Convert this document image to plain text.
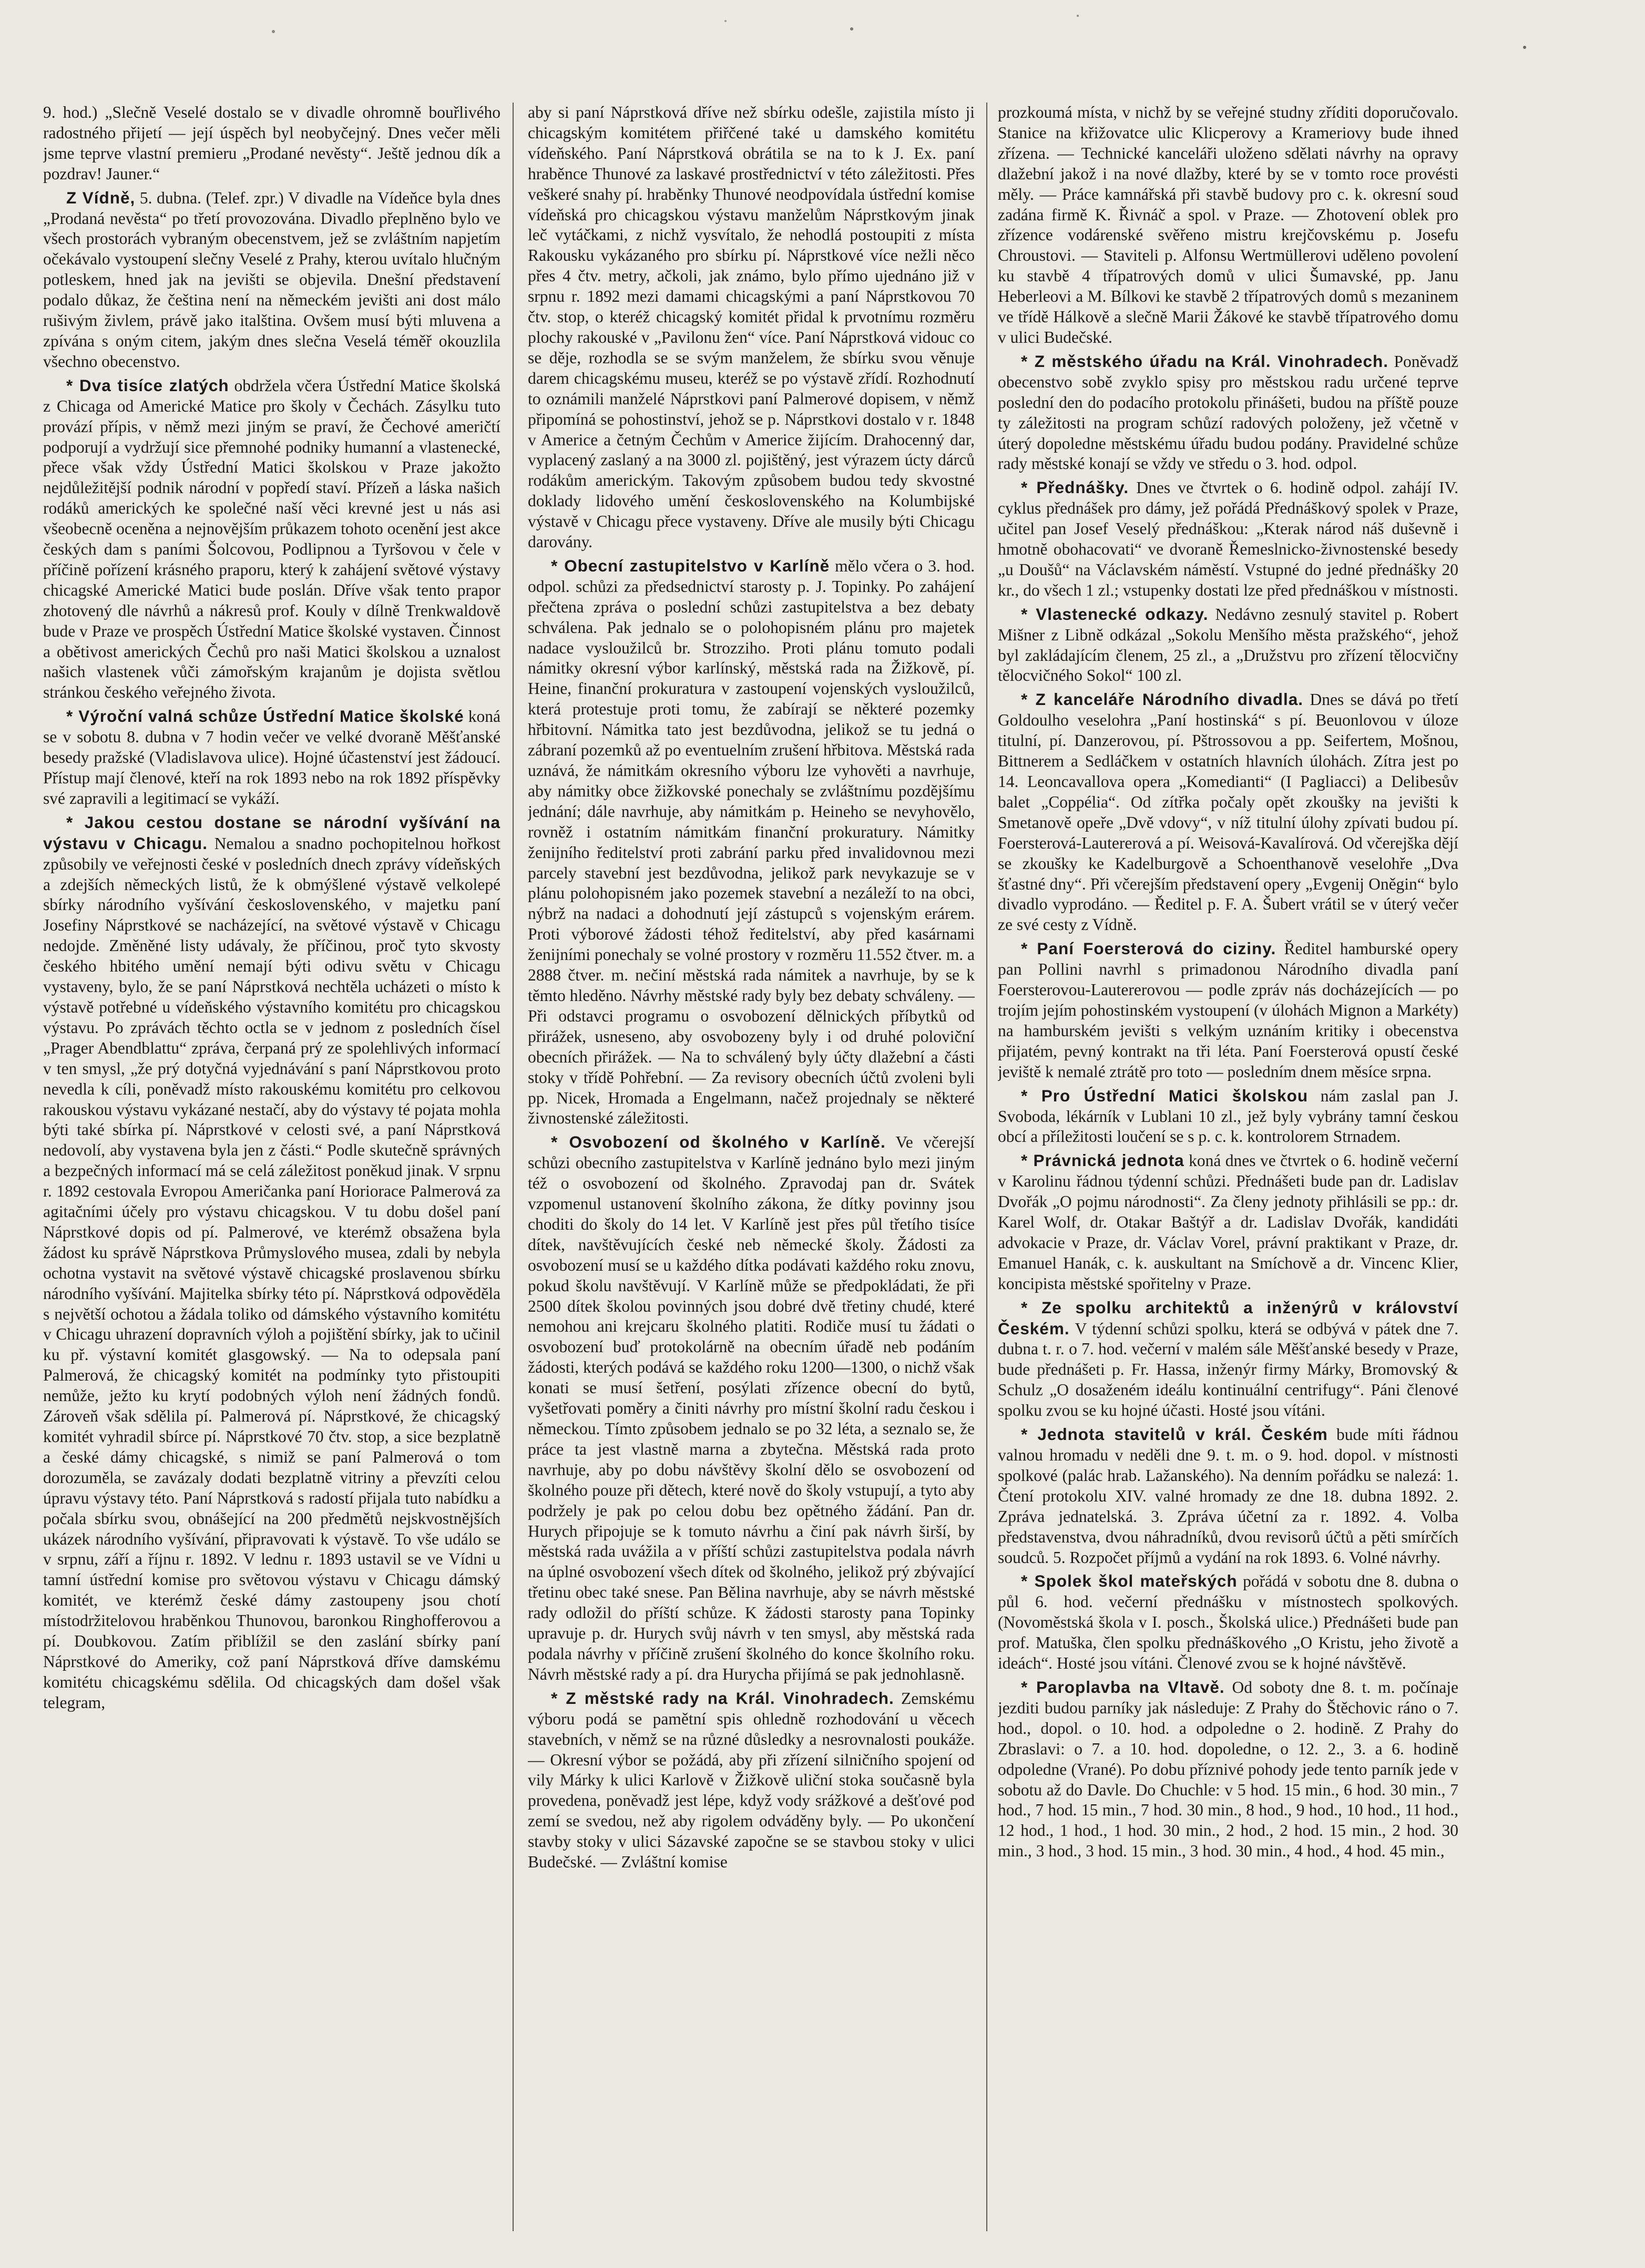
9. hod.) „Slečně Veselé dostalo se v divadle ohromně bouřlivého radostného přijetí — její úspěch byl neobyčejný. Dnes večer měli jsme teprve vlastní premieru „Prodané nevěsty“. Ještě jednou dík a pozdrav! Jauner.“

Z Vídně, 5. dubna. (Telef. zpr.) V divadle na Vídeňce byla dnes „Prodaná nevěsta“ po třetí provozována. Divadlo přeplněno bylo ve všech prostorách vybraným obecenstvem, jež se zvláštním napjetím očekávalo vystoupení slečny Veselé z Prahy, kterou uvítalo hlučným potleskem, hned jak na jevišti se objevila. Dnešní představení podalo důkaz, že čeština není na německém jevišti ani dost málo rušivým živlem, právě jako italština. Ovšem musí býti mluvena a zpívána s oným citem, jakým dnes slečna Veselá téměř okouzlila všechno obecenstvo.

* Dva tisíce zlatých obdržela včera Ústřední Matice školská z Chicaga od Americké Matice pro školy v Čechách. Zásylku tuto provází přípis, v němž mezi jiným se praví, že Čechové američtí podporují a vydržují sice přemnohé podniky humanní a vlastenecké, přece však vždy Ústřední Matici školskou v Praze jakožto nejdůležitější podnik národní v popředí staví. Přízeň a láska našich rodáků amerických ke společné naší věci krevné jest u nás asi všeobecně oceněna a nejnovějším průkazem tohoto ocenění jest akce českých dam s paními Šolcovou, Podlipnou a Tyršovou v čele v příčině pořízení krásného praporu, který k zahájení světové výstavy chicagské Americké Matici bude poslán. Dříve však tento prapor zhotovený dle návrhů a nákresů prof. Kouly v dílně Trenkwaldově bude v Praze ve prospěch Ústřední Matice školské vystaven. Činnost a obětivost amerických Čechů pro naši Matici školskou a uznalost našich vlastenek vůči zámořským krajanům je dojista světlou stránkou českého veřejného života.

* Výroční valná schůze Ústřední Matice školské koná se v sobotu 8. dubna v 7 hodin večer ve velké dvoraně Měšťanské besedy pražské (Vladislavova ulice). Hojné účastenství jest žádoucí. Přístup mají členové, kteří na rok 1893 nebo na rok 1892 příspěvky své zapravili a legitimací se vykáží.

* Jakou cestou dostane se národní vyšívání na výstavu v Chicagu. Nemalou a snadno pochopitelnou hořkost způsobily ve veřejnosti české v posledních dnech zprávy vídeňských a zdejších německých listů, že k obmýšlené výstavě velkolepé sbírky národního vyšívání československého, v majetku paní Josefiny Náprstkové se nacházející, na světové výstavě v Chicagu nedojde. Změněné listy udávaly, že příčinou, proč tyto skvosty českého hbitého umění nemají býti odivu světu v Chicagu vystaveny, bylo, že se paní Náprstková nechtěla ucházeti o místo k výstavě potřebné u vídeňského výstavního komitétu pro chicagskou výstavu. Po zprávách těchto octla se v jednom z posledních čísel „Prager Abendblattu“ zpráva, čerpaná prý ze spolehlivých informací v ten smysl, „že prý dotyčná vyjednávání s paní Náprstkovou proto nevedla k cíli, poněvadž místo rakouskému komitétu pro celkovou rakouskou výstavu vykázané nestačí, aby do výstavy té pojata mohla býti také sbírka pí. Náprstkové v celosti své, a paní Náprstková nedovolí, aby vystavena byla jen z části.“ Podle skutečně správných a bezpečných informací má se celá záležitost poněkud jinak. V srpnu r. 1892 cestovala Evropou Američanka paní Horiorace Palmerová za agitačními účely pro výstavu chicagskou. V tu dobu došel paní Náprstkové dopis od pí. Palmerové, ve kterémž obsažena byla žádost ku správě Náprstkova Průmyslového musea, zdali by nebyla ochotna vystavit na světové výstavě chicagské proslavenou sbírku národního vyšívání. Majitelka sbírky této pí. Náprstková odpověděla s největší ochotou a žádala toliko od dámského výstavního komitétu v Chicagu uhrazení dopravních výloh a pojištění sbírky, jak to učinil ku př. výstavní komitét glasgowský. — Na to odepsala paní Palmerová, že chicagský komitét na podmínky tyto přistoupiti nemůže, ježto ku krytí podobných výloh není žádných fondů. Zároveň však sdělila pí. Palmerová pí. Náprstkové, že chicagský komitét vyhradil sbírce pí. Náprstkové 70 čtv. stop, a sice bezplatně a české dámy chicagské, s nimiž se paní Palmerová o tom dorozuměla, se zavázaly dodati bezplatně vitriny a převzíti celou úpravu výstavy této. Paní Náprstková s radostí přijala tuto nabídku a počala sbírku svou, obnášející na 200 předmětů nejskvostnějších ukázek národního vyšívání, připravovati k výstavě. To vše událo se v srpnu, září a říjnu r. 1892. V lednu r. 1893 ustavil se ve Vídni u tamní ústřední komise pro světovou výstavu v Chicagu dámský komitét, ve kterémž české dámy zastoupeny jsou chotí místodržitelovou hraběnkou Thunovou, baronkou Ringhofferovou a pí. Doubkovou. Zatím přiblížil se den zaslání sbírky paní Náprstkové do Ameriky, což paní Náprstková dříve damskému komitétu chicagskému sdělila. Od chicagských dam došel však telegram,

aby si paní Náprstková dříve než sbírku odešle, zajistila místo ji chicagským komitétem přiřčené také u damského komitétu vídeňského. Paní Náprstková obrátila se na to k J. Ex. paní hraběnce Thunové za laskavé prostřednictví v této záležitosti. Přes veškeré snahy pí. hraběnky Thunové neodpovídala ústřední komise vídeňská pro chicagskou výstavu manželům Náprstkovým jinak leč vytáčkami, z nichž vysvítalo, že nehodlá postoupiti z místa Rakousku vykázaného pro sbírku pí. Náprstkové více nežli něco přes 4 čtv. metry, ačkoli, jak známo, bylo přímo ujednáno již v srpnu r. 1892 mezi damami chicagskými a paní Náprstkovou 70 čtv. stop, o kteréž chicagský komitét přidal k prvotnímu rozměru plochy rakouské v „Pavilonu žen“ více. Paní Náprstková vidouc co se děje, rozhodla se se svým manželem, že sbírku svou věnuje darem chicagskému museu, kteréž se po výstavě zřídí. Rozhodnutí to oznámili manželé Náprstkovi paní Palmerové dopisem, v němž připomíná se pohostinství, jehož se p. Náprstkovi dostalo v r. 1848 v Americe a četným Čechům v Americe žijícím. Drahocenný dar, vyplacený zaslaný a na 3000 zl. pojištěný, jest výrazem úcty dárců rodákům americkým. Takovým způsobem budou tedy skvostné doklady lidového umění československého na Kolumbijské výstavě v Chicagu přece vystaveny. Dříve ale musily býti Chicagu darovány.

* Obecní zastupitelstvo v Karlíně mělo včera o 3. hod. odpol. schůzi za předsednictví starosty p. J. Topinky. Po zahájení přečtena zpráva o poslední schůzi zastupitelstva a bez debaty schválena. Pak jednalo se o polohopisném plánu pro majetek nadace vysloužilců br. Strozziho. Proti plánu tomuto podali námitky okresní výbor karlínský, městská rada na Žižkově, pí. Heine, finanční prokuratura v zastoupení vojenských vysloužilců, která protestuje proti tomu, že zabírají se některé pozemky hřbitovní. Námitka tato jest bezdůvodna, jelikož se tu jedná o zábraní pozemků až po eventuelním zrušení hřbitova. Městská rada uznává, že námitkám okresního výboru lze vyhověti a navrhuje, aby námitky obce žižkovské ponechaly se zvláštnímu pozdějšímu jednání; dále navrhuje, aby námitkám p. Heineho se nevyhovělo, rovněž i ostatním námitkám finanční prokuratury. Námitky ženijního ředitelství proti zabrání parku před invalidovnou mezi parcely stavební jest bezdůvodna, jelikož park nevykazuje se v plánu polohopisném jako pozemek stavební a nezáleží to na obci, nýbrž na nadaci a dohodnutí její zástupců s vojenským erárem. Proti výborové žádosti téhož ředitelství, aby před kasárnami ženijními ponechaly se volné prostory v rozměru 11.552 čtver. m. a 2888 čtver. m. nečiní městská rada námitek a navrhuje, by se k těmto hleděno. Návrhy městské rady byly bez debaty schváleny. — Při odstavci programu o osvobození dělnických příbytků od přirážek, usneseno, aby osvobozeny byly i od druhé poloviční obecních přirážek. — Na to schválený byly účty dlažební a části stoky v třídě Pohřební. — Za revisory obecních účtů zvoleni byli pp. Nicek, Hromada a Engelmann, načež projednaly se některé živnostenské záležitosti.

* Osvobození od školného v Karlíně. Ve včerejší schůzi obecního zastupitelstva v Karlíně jednáno bylo mezi jiným též o osvobození od školného. Zpravodaj pan dr. Svátek vzpomenul ustanovení školního zákona, že dítky povinny jsou choditi do školy do 14 let. V Karlíně jest přes půl třetího tisíce dítek, navštěvujících české neb německé školy. Žádosti za osvobození musí se u každého dítka podávati každého roku znovu, pokud školu navštěvují. V Karlíně může se předpokládati, že při 2500 dítek školou povinných jsou dobré dvě třetiny chudé, které nemohou ani krejcaru školného platiti. Rodiče musí tu žádati o osvobození buď protokolárně na obecním úřadě neb podáním žádosti, kterých podává se každého roku 1200—1300, o nichž však konati se musí šetření, posýlati zřízence obecní do bytů, vyšetřovati poměry a činiti návrhy pro místní školní radu českou i německou. Tímto způsobem jednalo se po 32 léta, a seznalo se, že práce ta jest vlastně marna a zbytečna. Městská rada proto navrhuje, aby po dobu návštěvy školní dělo se osvobození od školného pouze při dětech, které nově do školy vstupují, a tyto aby podržely je pak po celou dobu bez opětného žádání. Pan dr. Hurych připojuje se k tomuto návrhu a činí pak návrh širší, by městská rada uvážila a v příští schůzi zastupitelstva podala návrh na úplné osvobození všech dítek od školného, jelikož prý zbývající třetinu obec také snese. Pan Bělina navrhuje, aby se návrh městské rady odložil do příští schůze. K žádosti starosty pana Topinky upravuje p. dr. Hurych svůj návrh v ten smysl, aby městská rada podala návrhy v příčině zrušení školného do konce školního roku. Návrh městské rady a pí. dra Hurycha přijímá se pak jednohlasně.

* Z městské rady na Král. Vinohradech. Zemskému výboru podá se pamětní spis ohledně rozhodování u věcech stavebních, v němž se na různé důsledky a nesrovnalosti poukáže. — Okresní výbor se požádá, aby při zřízení silničního spojení od vily Márky k ulici Karlově v Žižkově uliční stoka současně byla provedena, poněvadž jest lépe, když vody srážkové a dešťové pod zemí se svedou, než aby rigolem odváděny byly. — Po ukončení stavby stoky v ulici Sázavské započne se se stavbou stoky v ulici Budečské. — Zvláštní komise

prozkoumá místa, v nichž by se veřejné studny zříditi doporučovalo. Stanice na křižovatce ulic Klicperovy a Krameriovy bude ihned zřízena. — Technické kanceláři uloženo sdělati návrhy na opravy dlažební jakož i na nové dlažby, které by se v tomto roce provésti měly. — Práce kamnářská při stavbě budovy pro c. k. okresní soud zadána firmě K. Řivnáč a spol. v Praze. — Zhotovení oblek pro zřízence vodárenské svěřeno mistru krejčovskému p. Josefu Chroustovi. — Staviteli p. Alfonsu Wertmüllerovi uděleno povolení ku stavbě 4 třípatrových domů v ulici Šumavské, pp. Janu Heberleovi a M. Bílkovi ke stavbě 2 třípatrových domů s mezaninem ve třídě Hálkově a slečně Marii Žákové ke stavbě třípatrového domu v ulici Budečské.

* Z městského úřadu na Král. Vinohradech. Poněvadž obecenstvo sobě zvyklo spisy pro městskou radu určené teprve poslední den do podacího protokolu přinášeti, budou na příště pouze ty záležitosti na program schůzí radových položeny, jež včetně v úterý dopoledne městskému úřadu budou podány. Pravidelné schůze rady městské konají se vždy ve středu o 3. hod. odpol.

* Přednášky. Dnes ve čtvrtek o 6. hodině odpol. zahájí IV. cyklus přednášek pro dámy, jež pořádá Přednáškový spolek v Praze, učitel pan Josef Veselý přednáškou: „Kterak národ náš duševně i hmotně obohacovati“ ve dvoraně Řemeslnicko-živnostenské besedy „u Doušů“ na Václavském náměstí. Vstupné do jedné přednášky 20 kr., do všech 1 zl.; vstupenky dostati lze před přednáškou v místnosti.

* Vlastenecké odkazy. Nedávno zesnulý stavitel p. Robert Mišner z Libně odkázal „Sokolu Menšího města pražského“, jehož byl zakládajícím členem, 25 zl., a „Družstvu pro zřízení tělocvičny tělocvičného Sokol“ 100 zl.

* Z kanceláře Národního divadla. Dnes se dává po třetí Goldoulho veselohra „Paní hostinská“ s pí. Beuonlovou v úloze titulní, pí. Danzerovou, pí. Pštrossovou a pp. Seifertem, Mošnou, Bittnerem a Sedláčkem v ostatních hlavních úlohách. Zítra jest po 14. Leoncavallova opera „Komedianti“ (I Pagliacci) a Delibesův balet „Coppélia“. Od zítřka počaly opět zkoušky na jevišti k Smetanově opeře „Dvě vdovy“, v níž titulní úlohy zpívati budou pí. Foersterová-Lautererová a pí. Weisová-Kavalírová. Od včerejška dějí se zkoušky ke Kadelburgově a Schoenthanově veselohře „Dva šťastné dny“. Při včerejším představení opery „Evgenij Oněgin“ bylo divadlo vyprodáno. — Ředitel p. F. A. Šubert vrátil se v úterý večer ze své cesty z Vídně.

* Paní Foersterová do ciziny. Ředitel hamburské opery pan Pollini navrhl s primadonou Národního divadla paní Foersterovou-Lautererovou — podle zpráv nás docházejících — po trojím jejím pohostinském vystoupení (v úlohách Mignon a Markéty) na hamburském jevišti s velkým uznáním kritiky i obecenstva přijatém, pevný kontrakt na tři léta. Paní Foersterová opustí české jeviště k nemalé ztrátě pro toto — posledním dnem měsíce srpna.

* Pro Ústřední Matici školskou nám zaslal pan J. Svoboda, lékárník v Lublani 10 zl., jež byly vybrány tamní českou obcí a příležitosti loučení se s p. c. k. kontrolorem Strnadem.

* Právnická jednota koná dnes ve čtvrtek o 6. hodině večerní v Karolinu řádnou týdenní schůzi. Přednášeti bude pan dr. Ladislav Dvořák „O pojmu národnosti“. Za členy jednoty přihlásili se pp.: dr. Karel Wolf, dr. Otakar Baštýř a dr. Ladislav Dvořák, kandidáti advokacie v Praze, dr. Václav Vorel, právní praktikant v Praze, dr. Emanuel Hanák, c. k. auskultant na Smíchově a dr. Vincenc Klier, koncipista městské spořitelny v Praze.

* Ze spolku architektů a inženýrů v království Českém. V týdenní schůzi spolku, která se odbývá v pátek dne 7. dubna t. r. o 7. hod. večerní v malém sále Měšťanské besedy v Praze, bude přednášeti p. Fr. Hassa, inženýr firmy Márky, Bromovský & Schulz „O dosaženém ideálu kontinuální centrifugy“. Páni členové spolku zvou se ku hojné účasti. Hosté jsou vítáni.

* Jednota stavitelů v král. Českém bude míti řádnou valnou hromadu v neděli dne 9. t. m. o 9. hod. dopol. v místnosti spolkové (palác hrab. Lažanského). Na denním pořádku se nalezá: 1. Čtení protokolu XIV. valné hromady ze dne 18. dubna 1892. 2. Zpráva jednatelská. 3. Zpráva účetní za r. 1892. 4. Volba představenstva, dvou náhradníků, dvou revisorů účtů a pěti smírčích soudců. 5. Rozpočet příjmů a vydání na rok 1893. 6. Volné návrhy.

* Spolek škol mateřských pořádá v sobotu dne 8. dubna o půl 6. hod. večerní přednášku v místnostech spolkových. (Novoměstská škola v I. posch., Školská ulice.) Přednášeti bude pan prof. Matuška, člen spolku přednáškového „O Kristu, jeho životě a ideách“. Hosté jsou vítáni. Členové zvou se k hojné návštěvě.

* Paroplavba na Vltavě. Od soboty dne 8. t. m. počínaje jezditi budou parníky jak následuje: Z Prahy do Štěchovic ráno o 7. hod., dopol. o 10. hod. a odpoledne o 2. hodině. Z Prahy do Zbraslavi: o 7. a 10. hod. dopoledne, o 12. 2., 3. a 6. hodině odpoledne (Vrané). Po dobu příznivé pohody jede tento parník jede v sobotu až do Davle. Do Chuchle: v 5 hod. 15 min., 6 hod. 30 min., 7 hod., 7 hod. 15 min., 7 hod. 30 min., 8 hod., 9 hod., 10 hod., 11 hod., 12 hod., 1 hod., 1 hod. 30 min., 2 hod., 2 hod. 15 min., 2 hod. 30 min., 3 hod., 3 hod. 15 min., 3 hod. 30 min., 4 hod., 4 hod. 45 min.,
